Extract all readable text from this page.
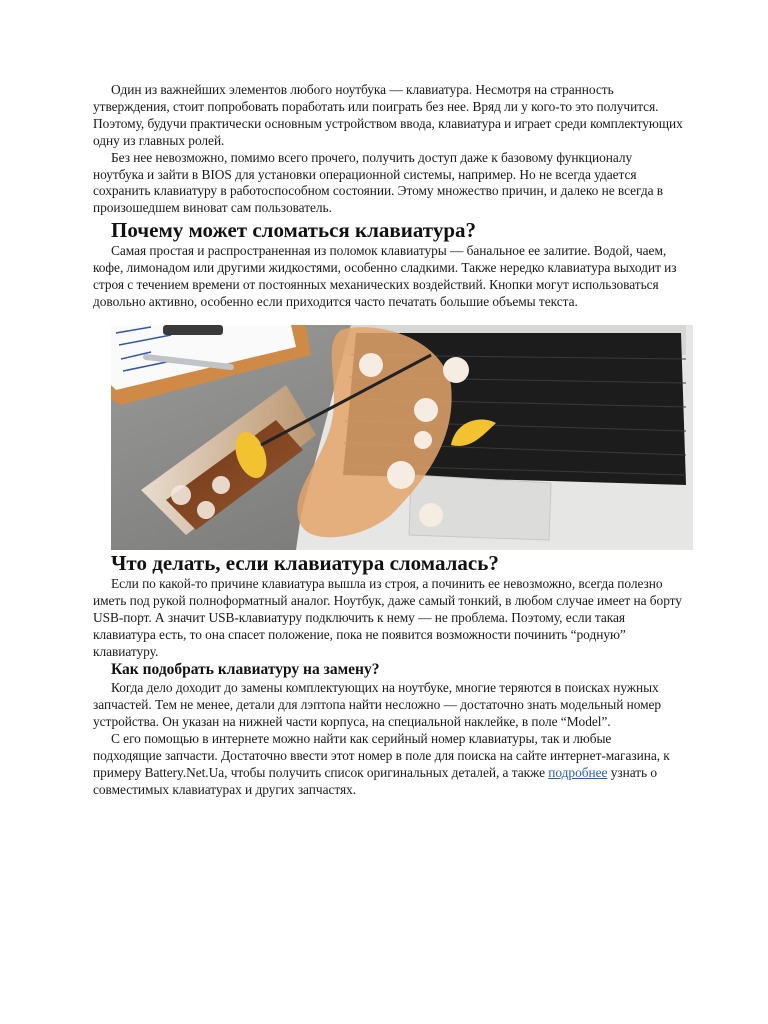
Один из важнейших элементов любого ноутбука — клавиатура. Несмотря на странность утверждения, стоит попробовать поработать или поиграть без нее. Вряд ли у кого-то это получится. Поэтому, будучи практически основным устройством ввода, клавиатура и играет среди комплектующих одну из главных ролей.

Без нее невозможно, помимо всего прочего, получить доступ даже к базовому функционалу ноутбука и зайти в BIOS для установки операционной системы, например. Но не всегда удается сохранить клавиатуру в работоспособном состоянии. Этому множество причин, и далеко не всегда в произошедшем виноват сам пользователь.

Почему может сломаться клавиатура?

Самая простая и распространенная из поломок клавиатуры — банальное ее залитие. Водой, чаем, кофе, лимонадом или другими жидкостями, особенно сладкими. Также нередко клавиатура выходит из строя с течением времени от постоянных механических воздействий. Кнопки могут использоваться довольно активно, особенно если приходится часто печатать большие объемы текста.

Что делать, если клавиатура сломалась?

Если по какой-то причине клавиатура вышла из строя, а починить ее невозможно, всегда полезно иметь под рукой полноформатный аналог. Ноутбук, даже самый тонкий, в любом случае имеет на борту USB-порт. А значит USB-клавиатуру подключить к нему — не проблема. Поэтому, если такая клавиатура есть, то она спасет положение, пока не появится возможности починить “родную” клавиатуру.

Как подобрать клавиатуру на замену?

Когда дело доходит до замены комплектующих на ноутбуке, многие теряются в поисках нужных запчастей. Тем не менее, детали для лэптопа найти несложно — достаточно знать модельный номер устройства. Он указан на нижней части корпуса, на специальной наклейке, в поле “Model”.

С его помощью в интернете можно найти как серийный номер клавиатуры, так и любые подходящие запчасти. Достаточно ввести этот номер в поле для поиска на сайте интернет-магазина, к примеру Battery.Net.Ua, чтобы получить список оригинальных деталей, а также подробнее узнать о совместимых клавиатурах и других запчастях.
